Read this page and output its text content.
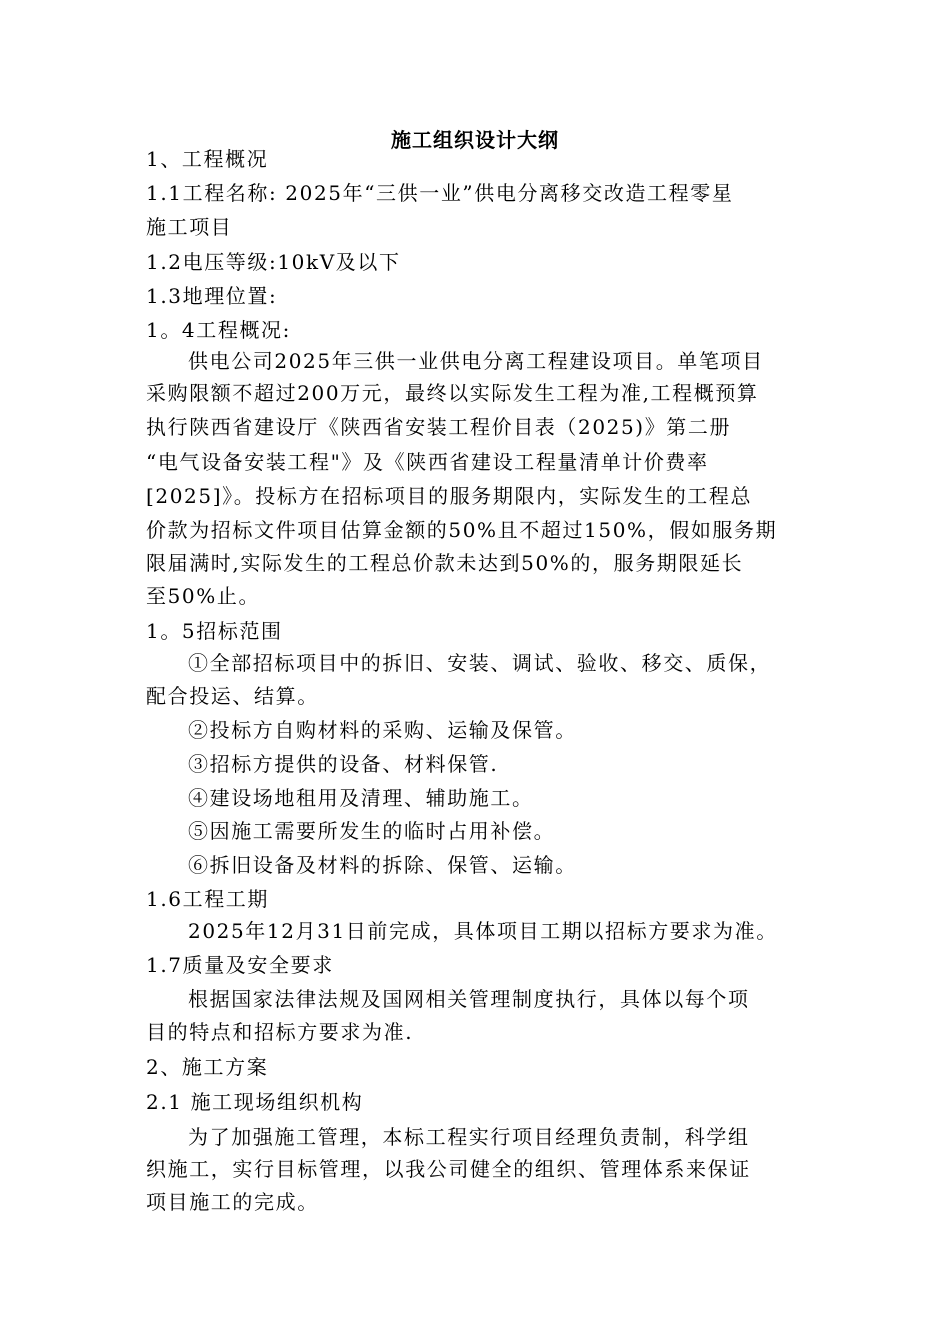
施工组织设计大纲
1、工程概况
1.1工程名称: 2025年“三供一业”供电分离移交改造工程零星
施工项目
1.2电压等级:10kV及以下
1.3地理位置:
1。4工程概况:
供电公司2025年三供一业供电分离工程建设项目。单笔项目
采购限额不超过200万元，最终以实际发生工程为准,工程概预算
执行陕西省建设厅《陕西省安装工程价目表（2025)》第二册
“电气设备安装工程"》及《陕西省建设工程量清单计价费率
[2025]》。投标方在招标项目的服务期限内，实际发生的工程总
价款为招标文件项目估算金额的50%且不超过150%，假如服务期
限届满时,实际发生的工程总价款未达到50%的，服务期限延长
至50%止。
1。5招标范围
①全部招标项目中的拆旧、安装、调试、验收、移交、质保，
配合投运、结算。
②投标方自购材料的采购、运输及保管。
③招标方提供的设备、材料保管.
④建设场地租用及清理、辅助施工。
⑤因施工需要所发生的临时占用补偿。
⑥拆旧设备及材料的拆除、保管、运输。
1.6工程工期
2025年12月31日前完成，具体项目工期以招标方要求为准。
1.7质量及安全要求
根据国家法律法规及国网相关管理制度执行，具体以每个项
目的特点和招标方要求为准.
2、施工方案
2.1 施工现场组织机构
为了加强施工管理，本标工程实行项目经理负责制，科学组
织施工，实行目标管理，以我公司健全的组织、管理体系来保证
项目施工的完成。
